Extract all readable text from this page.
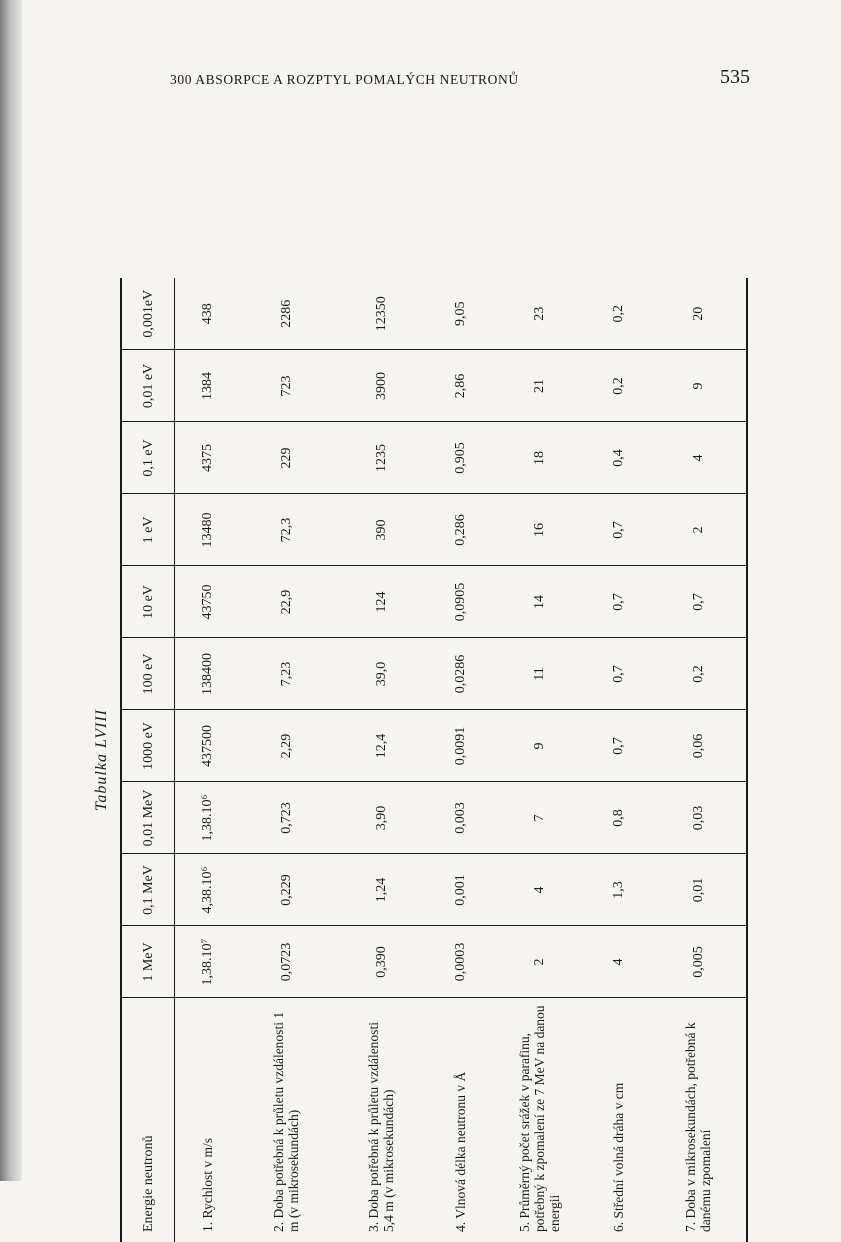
300 ABSORPCE A ROZPTYL POMALÝCH NEUTRONŮ	535
Tabulka LVIII
Energie neutronů	1 MeV	0,1 MeV	0,01 MeV	1000 eV	100 eV	10 eV	1 eV	0,1 eV	0,01 eV	0,001eV
1. Rychlost v m/s	1,38.10⁷	4,38.10⁶	1,38.10⁶	437500	138400	43750	13480	4375	1384	438
2. Doba potřebná k průletu vzdálenosti 1 m (v mikrosekundách)	0,0723	0,229	0,723	2,29	7,23	22,9	72,3	229	723	2286
3. Doba potřebná k průletu vzdálenosti 5,4 m (v mikrosekundách)	0,390	1,24	3,90	12,4	39,0	124	390	1235	3900	12350
4. Vlnová délka neutronu v Å	0,0003	0,001	0,003	0,0091	0,0286	0,0905	0,286	0,905	2,86	9,05
5. Průměrný počet srážek v parafinu, potřebný k zpomalení ze 7 MeV na danou energii	2	4	7	9	11	14	16	18	21	23
6. Střední volná dráha v cm	4	1,3	0,8	0,7	0,7	0,7	0,7	0,4	0,2	0,2
7. Doba v mikrosekundách, potřebná k danému zpomalení	0,005	0,01	0,03	0,06	0,2	0,7	2	4	9	20
